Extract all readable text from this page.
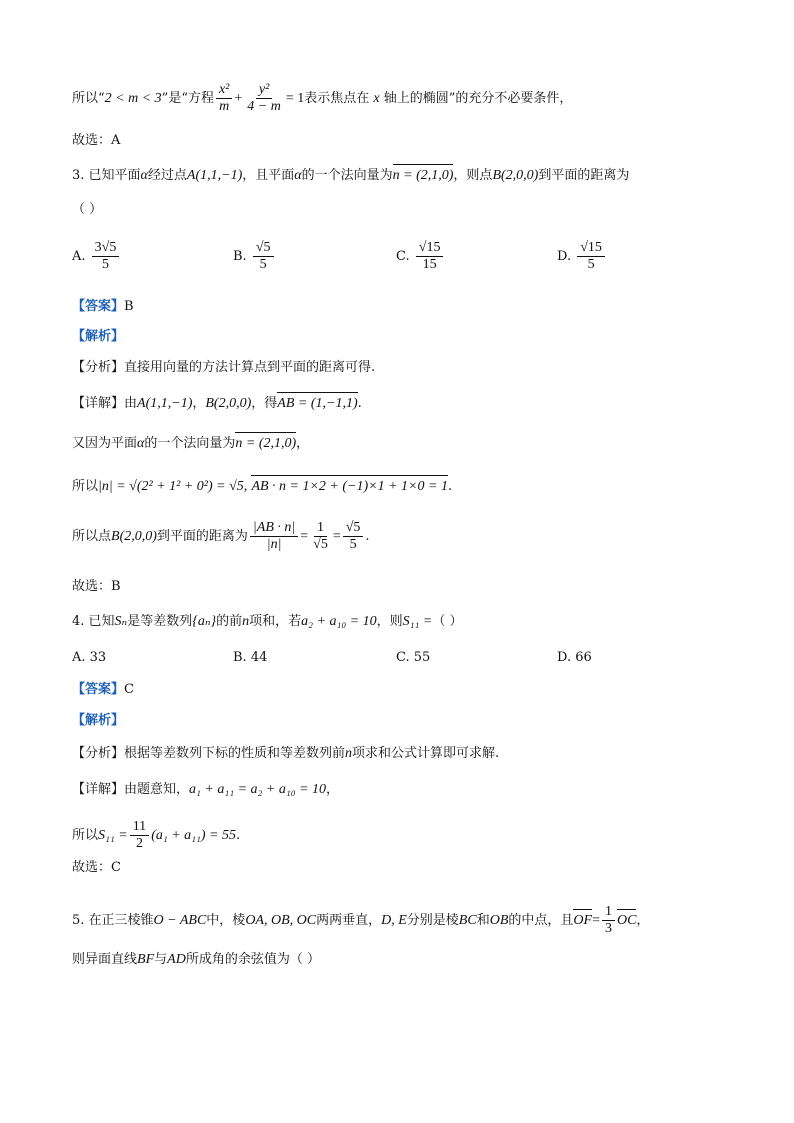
所以“2 < m < 3”是“方程 $\frac{\text{x²}}{m} + \frac{\text{y²}}{4 - m} = 1$表示焦点在 x 轴上的椭圆”的充分不必要条件，
故选：A
3. 已知平面α经过点A(1,1,−1)，且平面α的一个法向量为n = (2,1,0)，则点B(2,0,0)到平面的距离为
（ ）
A. $\frac{3√5}{5}$	B. $\frac{√5}{5}$	C. $\frac{√15}{15}$	D. $\frac{√15}{5}$
【答案】B
【解析】
【分析】直接用向量的方法计算点到平面的距离可得.
【详解】由A(1,1,−1)，B(2,0,0)，得AB = (1,−1,1).
又因为平面α的一个法向量为n = (2,1,0)，
所以|n| = √(2² + 1² + 0²) = √5, AB · n = 1×2 + (−1)×1 + 1×0 = 1.
所以点B(2,0,0)到平面的距离为 $\frac{|AB \cdot n|}{|n|} = \frac{1}{√5} = \frac{√5}{5}$ .
故选：B
4. 已知Sₙ是等差数列{aₙ}的前n项和，若a₂ + a₁₀ = 10，则S₁₁ =（ ）
A. 33	B. 44	C. 55	D. 66
【答案】C
【解析】
【分析】根据等差数列下标的性质和等差数列前n项求和公式计算即可求解.
【详解】由题意知，a₁ + a₁₁ = a₂ + a₁₀ = 10，
所以$S_{11} = \frac{11}{2} (a_1 + a_{11}) = 55$.
故选：C
5. 在正三棱锥O − ABC中，棱OA, OB, OC两两垂直，D, E分别是棱BC和OB的中点，且$OF= \frac{1}{3}$ OC，
则异面直线BF与AD所成角的余弦值为（ ）
